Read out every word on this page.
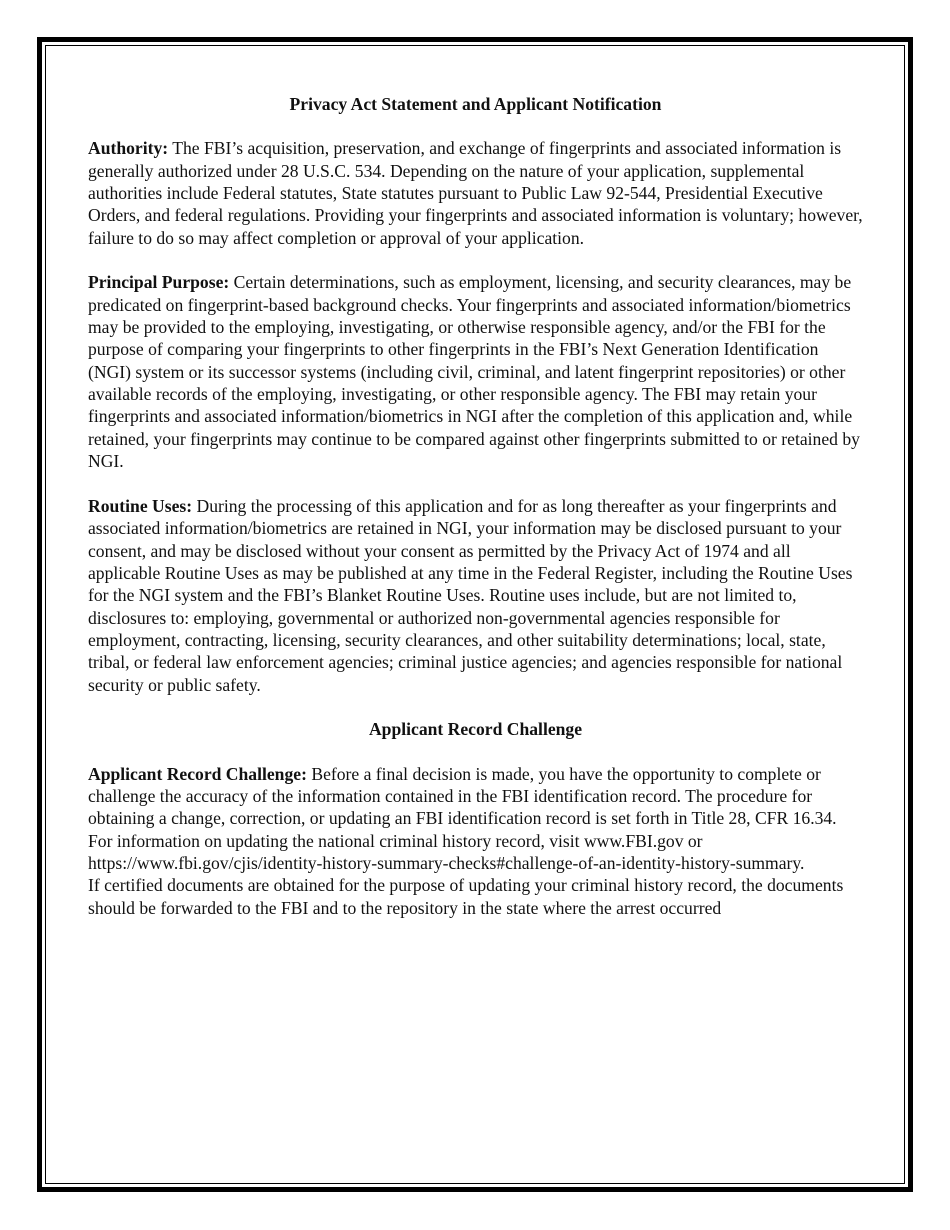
Privacy Act Statement and Applicant Notification

Authority: The FBI’s acquisition, preservation, and exchange of fingerprints and associated information is generally authorized under 28 U.S.C. 534. Depending on the nature of your application, supplemental authorities include Federal statutes, State statutes pursuant to Public Law 92-544, Presidential Executive Orders, and federal regulations. Providing your fingerprints and associated information is voluntary; however, failure to do so may affect completion or approval of your application.

Principal Purpose: Certain determinations, such as employment, licensing, and security clearances, may be predicated on fingerprint-based background checks. Your fingerprints and associated information/biometrics may be provided to the employing, investigating, or otherwise responsible agency, and/or the FBI for the purpose of comparing your fingerprints to other fingerprints in the FBI’s Next Generation Identification (NGI) system or its successor systems (including civil, criminal, and latent fingerprint repositories) or other available records of the employing, investigating, or other responsible agency. The FBI may retain your fingerprints and associated information/biometrics in NGI after the completion of this application and, while retained, your fingerprints may continue to be compared against other fingerprints submitted to or retained by NGI.

Routine Uses: During the processing of this application and for as long thereafter as your fingerprints and associated information/biometrics are retained in NGI, your information may be disclosed pursuant to your consent, and may be disclosed without your consent as permitted by the Privacy Act of 1974 and all applicable Routine Uses as may be published at any time in the Federal Register, including the Routine Uses for the NGI system and the FBI’s Blanket Routine Uses. Routine uses include, but are not limited to, disclosures to: employing, governmental or authorized non-governmental agencies responsible for employment, contracting, licensing, security clearances, and other suitability determinations; local, state, tribal, or federal law enforcement agencies; criminal justice agencies; and agencies responsible for national security or public safety.

Applicant Record Challenge

Applicant Record Challenge: Before a final decision is made, you have the opportunity to complete or challenge the accuracy of the information contained in the FBI identification record. The procedure for obtaining a change, correction, or updating an FBI identification record is set forth in Title 28, CFR 16.34. For information on updating the national criminal history record, visit www.FBI.gov or https://www.fbi.gov/cjis/identity-history-summary-checks#challenge-of-an-identity-history-summary.
If certified documents are obtained for the purpose of updating your criminal history record, the documents should be forwarded to the FBI and to the repository in the state where the arrest occurred
